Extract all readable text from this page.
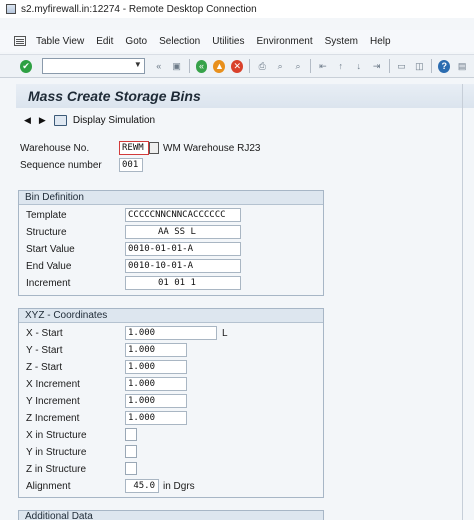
s2.myfirewall.in:12274 - Remote Desktop Connection
Table View Edit Goto Selection Utilities Environment System Help
✔	▼	«	▣	«	▲ ✕ ⎙	⌕	⌕	⇤	↑	↓	⇥ ▭ ◫	?	▤
Mass Create Storage Bins
◀ ▶	Display Simulation
Warehouse No.	REWM	WM Warehouse RJ23
Sequence number	001
Bin Definition
Template	CCCCCNNCNNCACCCCCC
Structure	AA SS L
Start Value	0010-01-01-A
End Value	0010-10-01-A
Increment	01 01 1
XYZ - Coordinates
X - Start	1.000	L
Y - Start	1.000
Z - Start	1.000
X Increment	1.000
Y Increment	1.000
Z Increment	1.000
X in Structure
Y in Structure
Z in Structure
Alignment	45.0 in Dgrs
Additional Data
